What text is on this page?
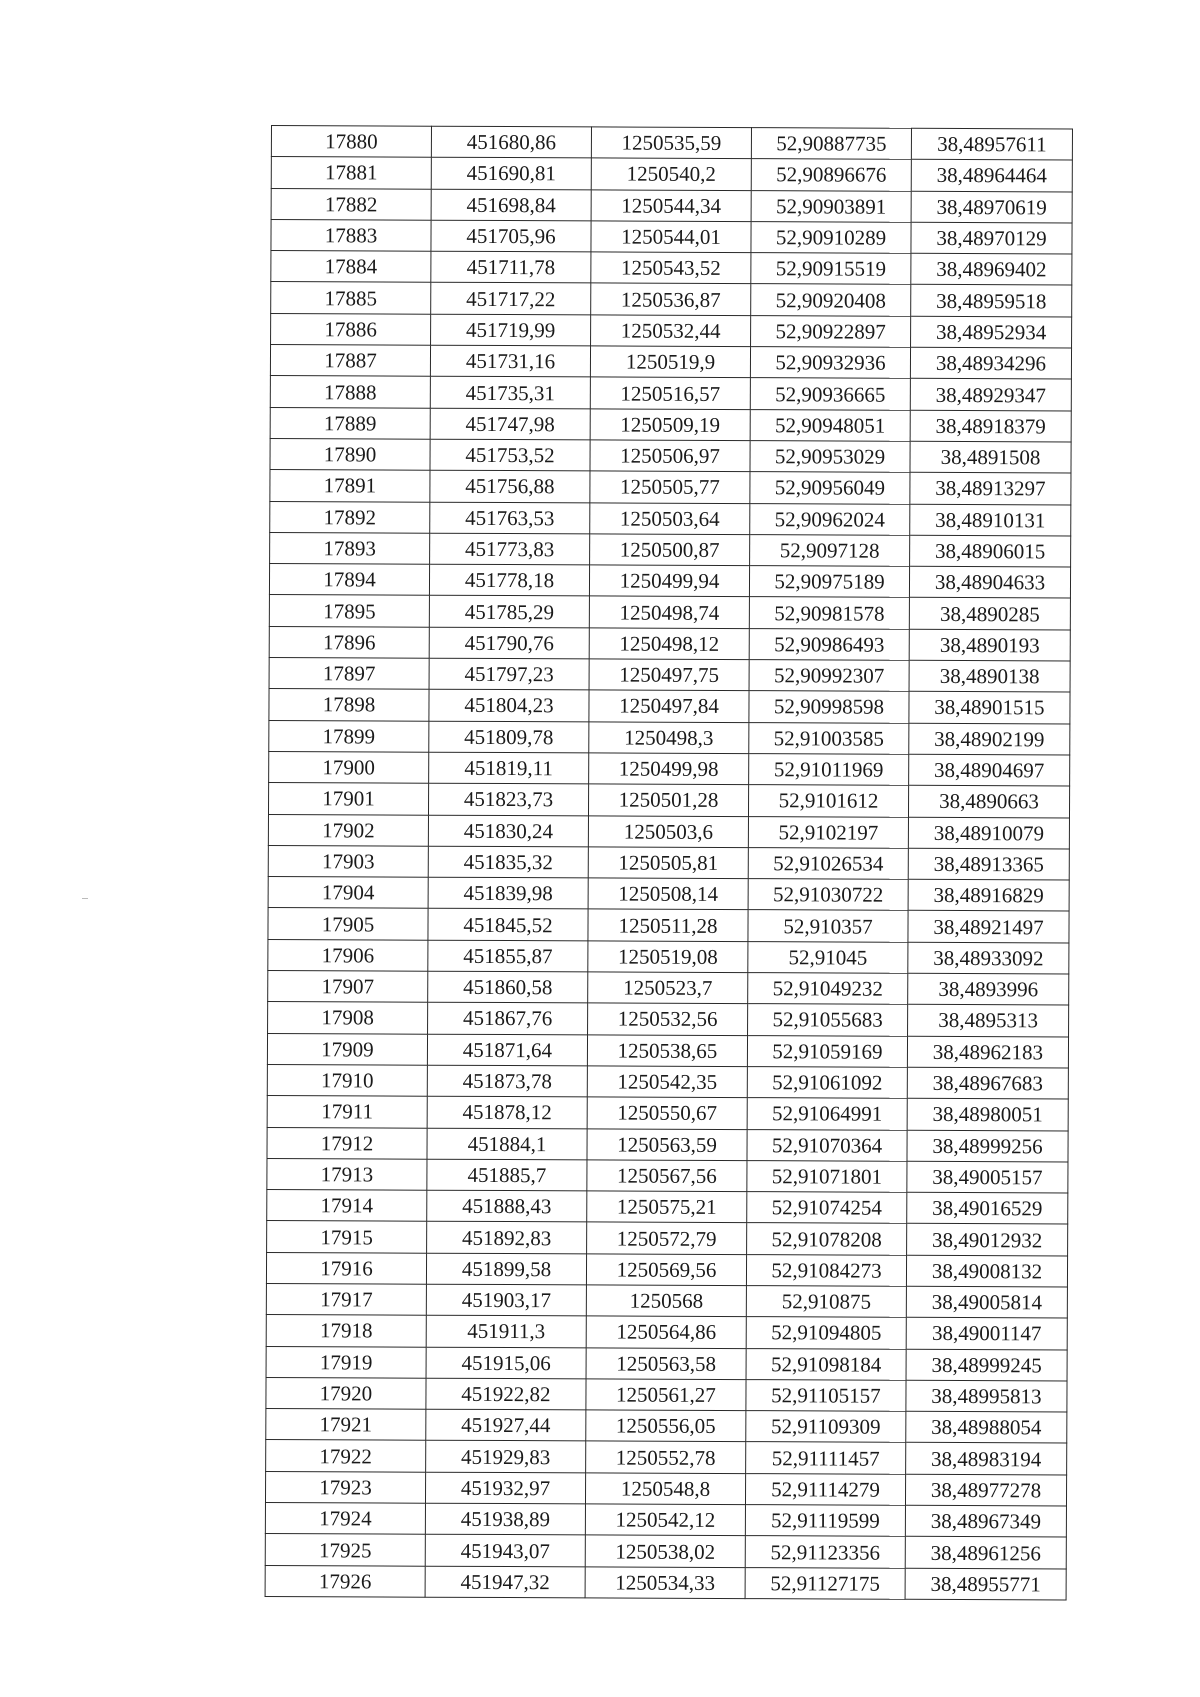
17880	451680,86	1250535,59	52,90887735	38,48957611
17881	451690,81	1250540,2	52,90896676	38,48964464
17882	451698,84	1250544,34	52,90903891	38,48970619
17883	451705,96	1250544,01	52,90910289	38,48970129
17884	451711,78	1250543,52	52,90915519	38,48969402
17885	451717,22	1250536,87	52,90920408	38,48959518
17886	451719,99	1250532,44	52,90922897	38,48952934
17887	451731,16	1250519,9	52,90932936	38,48934296
17888	451735,31	1250516,57	52,90936665	38,48929347
17889	451747,98	1250509,19	52,90948051	38,48918379
17890	451753,52	1250506,97	52,90953029	38,4891508
17891	451756,88	1250505,77	52,90956049	38,48913297
17892	451763,53	1250503,64	52,90962024	38,48910131
17893	451773,83	1250500,87	52,9097128	38,48906015
17894	451778,18	1250499,94	52,90975189	38,48904633
17895	451785,29	1250498,74	52,90981578	38,4890285
17896	451790,76	1250498,12	52,90986493	38,4890193
17897	451797,23	1250497,75	52,90992307	38,4890138
17898	451804,23	1250497,84	52,90998598	38,48901515
17899	451809,78	1250498,3	52,91003585	38,48902199
17900	451819,11	1250499,98	52,91011969	38,48904697
17901	451823,73	1250501,28	52,9101612	38,4890663
17902	451830,24	1250503,6	52,9102197	38,48910079
17903	451835,32	1250505,81	52,91026534	38,48913365
17904	451839,98	1250508,14	52,91030722	38,48916829
17905	451845,52	1250511,28	52,910357	38,48921497
17906	451855,87	1250519,08	52,91045	38,48933092
17907	451860,58	1250523,7	52,91049232	38,4893996
17908	451867,76	1250532,56	52,91055683	38,4895313
17909	451871,64	1250538,65	52,91059169	38,48962183
17910	451873,78	1250542,35	52,91061092	38,48967683
17911	451878,12	1250550,67	52,91064991	38,48980051
17912	451884,1	1250563,59	52,91070364	38,48999256
17913	451885,7	1250567,56	52,91071801	38,49005157
17914	451888,43	1250575,21	52,91074254	38,49016529
17915	451892,83	1250572,79	52,91078208	38,49012932
17916	451899,58	1250569,56	52,91084273	38,49008132
17917	451903,17	1250568	52,910875	38,49005814
17918	451911,3	1250564,86	52,91094805	38,49001147
17919	451915,06	1250563,58	52,91098184	38,48999245
17920	451922,82	1250561,27	52,91105157	38,48995813
17921	451927,44	1250556,05	52,91109309	38,48988054
17922	451929,83	1250552,78	52,91111457	38,48983194
17923	451932,97	1250548,8	52,91114279	38,48977278
17924	451938,89	1250542,12	52,91119599	38,48967349
17925	451943,07	1250538,02	52,91123356	38,48961256
17926	451947,32	1250534,33	52,91127175	38,48955771
